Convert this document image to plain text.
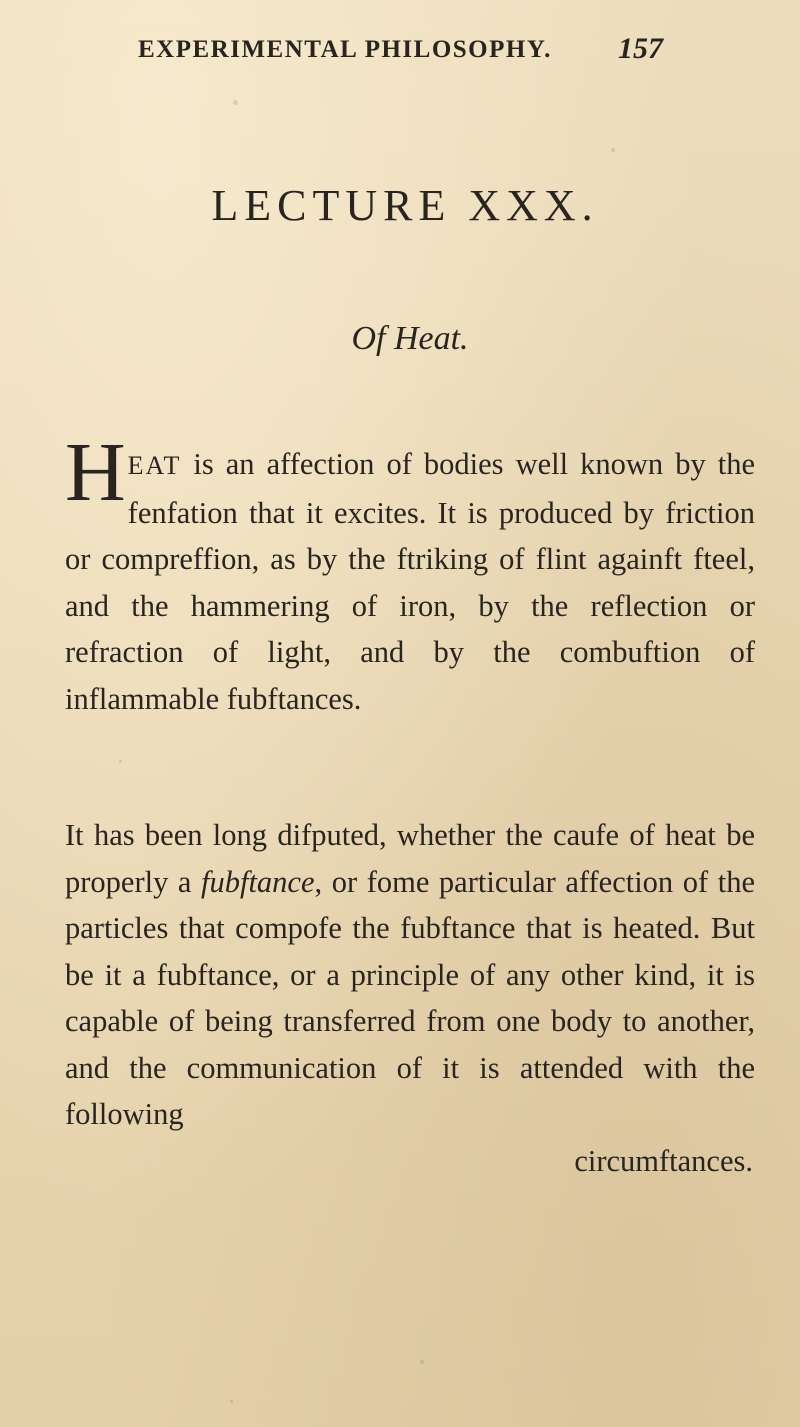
EXPERIMENTAL PHILOSOPHY. 157
LECTURE XXX.
Of Heat.
HEAT is an affection of bodies well known by the fenfation that it excites. It is produced by friction or compreffion, as by the ftriking of flint againft fteel, and the hammering of iron, by the reflection or refraction of light, and by the combuftion of inflammable fubftances.
It has been long difputed, whether the caufe of heat be properly a fubftance, or fome particular affection of the particles that compofe the fubftance that is heated. But be it a fubftance, or a principle of any other kind, it is capable of being transferred from one body to another, and the communication of it is attended with the following
circumftances.
